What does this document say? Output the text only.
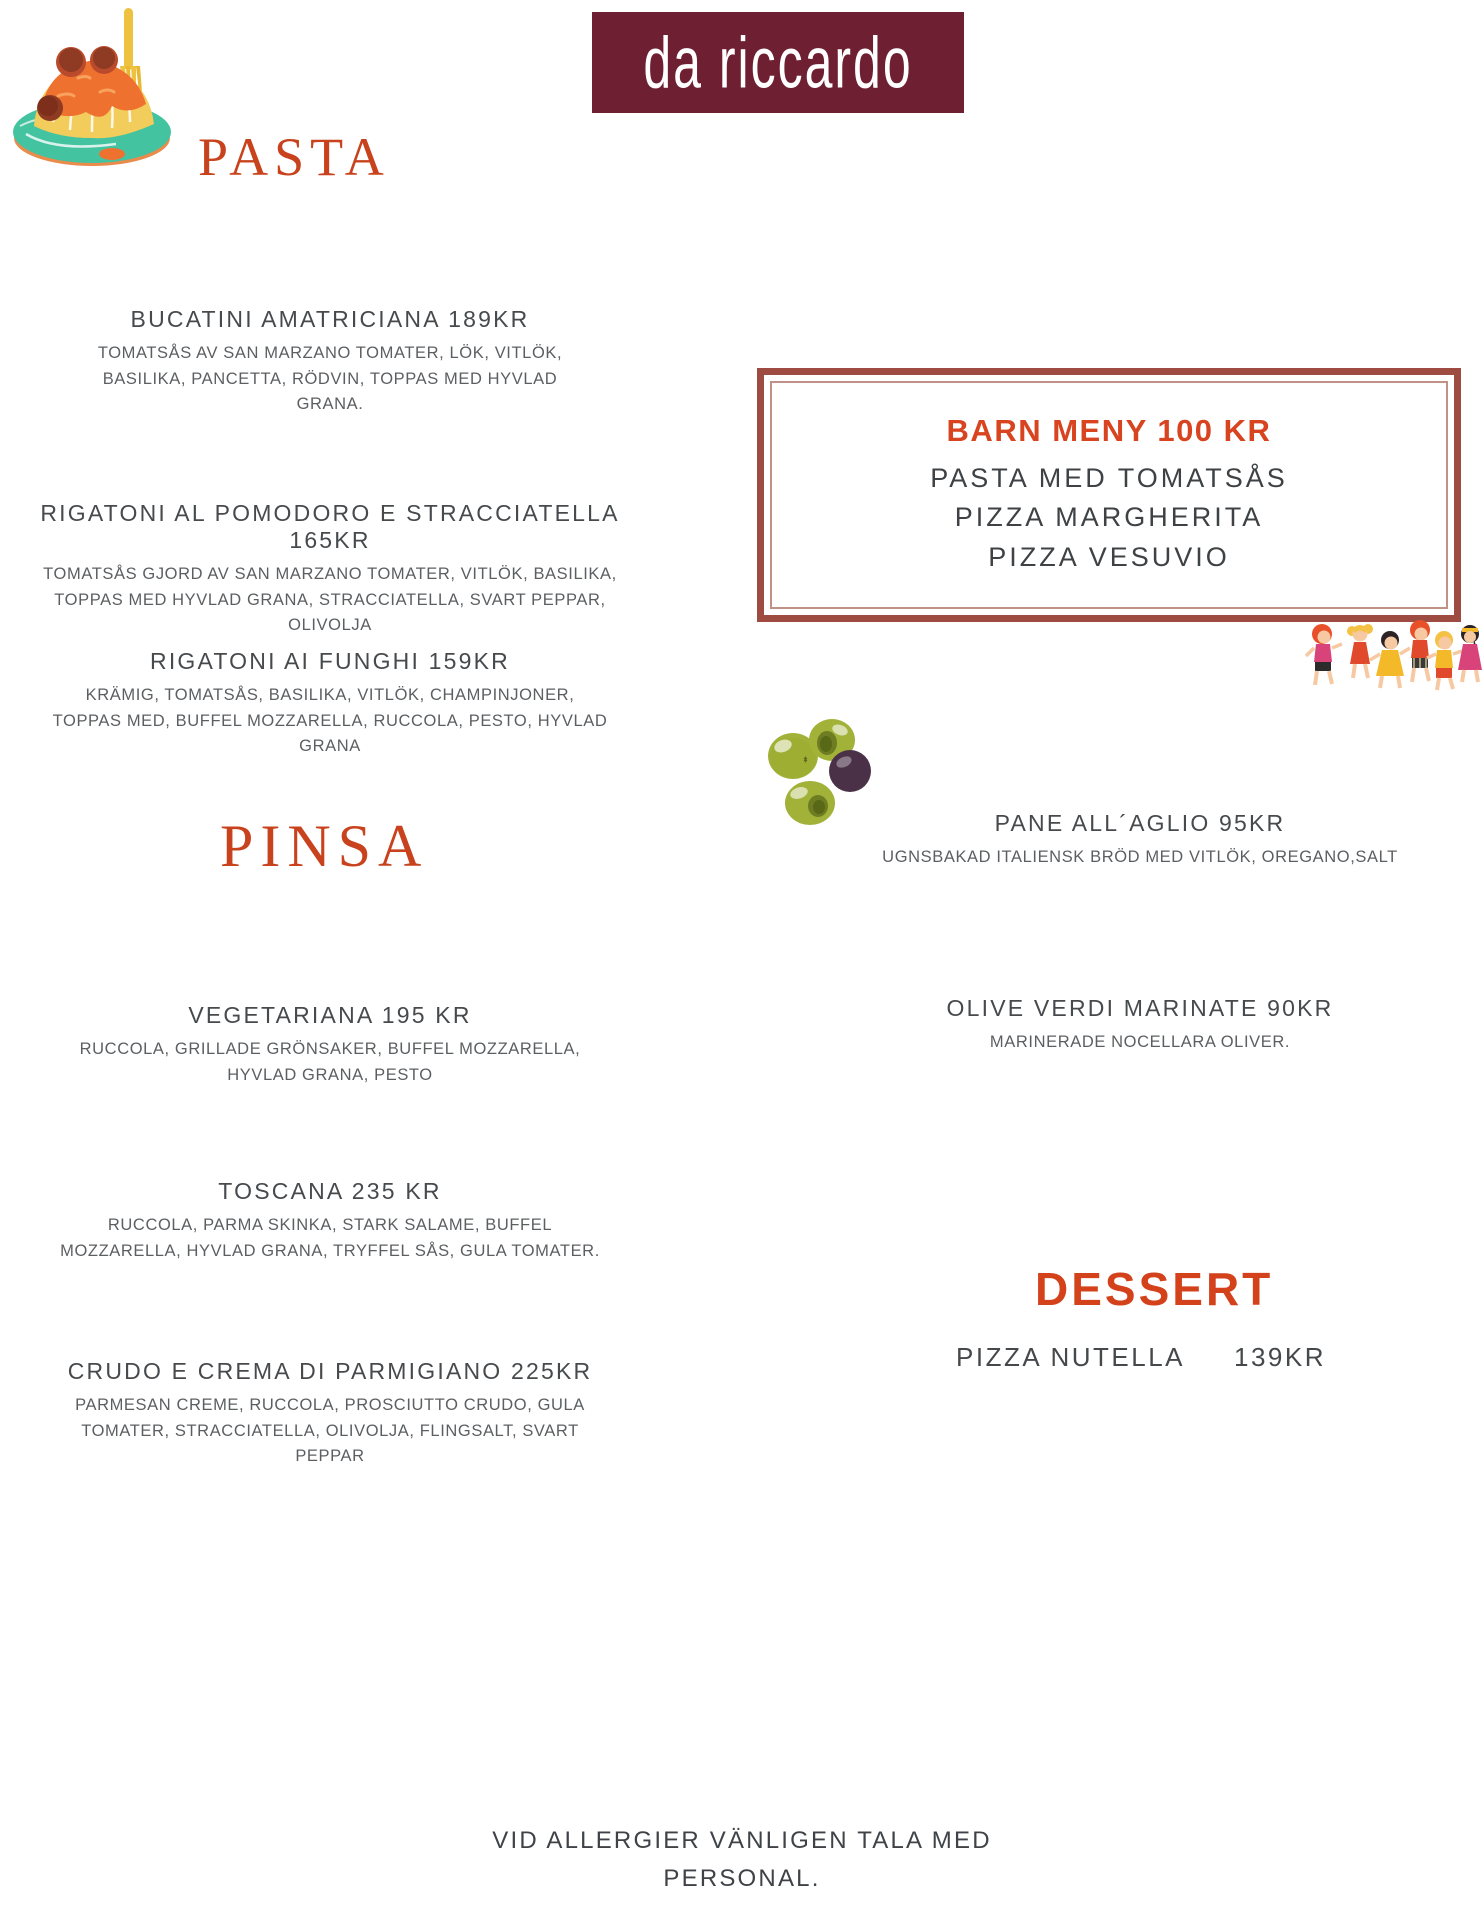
da riccardo
PASTA
BUCATINI AMATRICIANA 189KR
TOMATSÅS AV SAN MARZANO TOMATER, LÖK, VITLÖK, BASILIKA, PANCETTA, RÖDVIN, TOPPAS MED HYVLAD GRANA.
RIGATONI AL POMODORO E STRACCIATELLA 165KR
TOMATSÅS GJORD AV SAN MARZANO TOMATER, VITLÖK, BASILIKA, TOPPAS MED HYVLAD GRANA, STRACCIATELLA, SVART PEPPAR, OLIVOLJA
RIGATONI AI FUNGHI 159KR
KRÄMIG, TOMATSÅS, BASILIKA, VITLÖK, CHAMPINJONER, TOPPAS MED, BUFFEL MOZZARELLA, RUCCOLA, PESTO, HYVLAD GRANA
BARN MENY 100 KR
PASTA MED TOMATSÅS
PIZZA MARGHERITA
PIZZA VESUVIO
PANE ALL´AGLIO 95KR
UGNSBAKAD ITALIENSK BRÖD MED VITLÖK, OREGANO,SALT
OLIVE VERDI MARINATE 90KR
MARINERADE NOCELLARA OLIVER.
PINSA
VEGETARIANA 195 KR
RUCCOLA, GRILLADE GRÖNSAKER, BUFFEL MOZZARELLA, HYVLAD GRANA, PESTO
TOSCANA 235 KR
RUCCOLA, PARMA SKINKA, STARK SALAME, BUFFEL MOZZARELLA, HYVLAD GRANA, TRYFFEL SÅS, GULA TOMATER.
CRUDO E CREMA DI PARMIGIANO 225KR
PARMESAN CREME, RUCCOLA, PROSCIUTTO CRUDO, GULA TOMATER, STRACCIATELLA, OLIVOLJA, FLINGSALT, SVART PEPPAR
DESSERT
PIZZA NUTELLA 139KR
VID ALLERGIER VÄNLIGEN TALA MED
PERSONAL.
